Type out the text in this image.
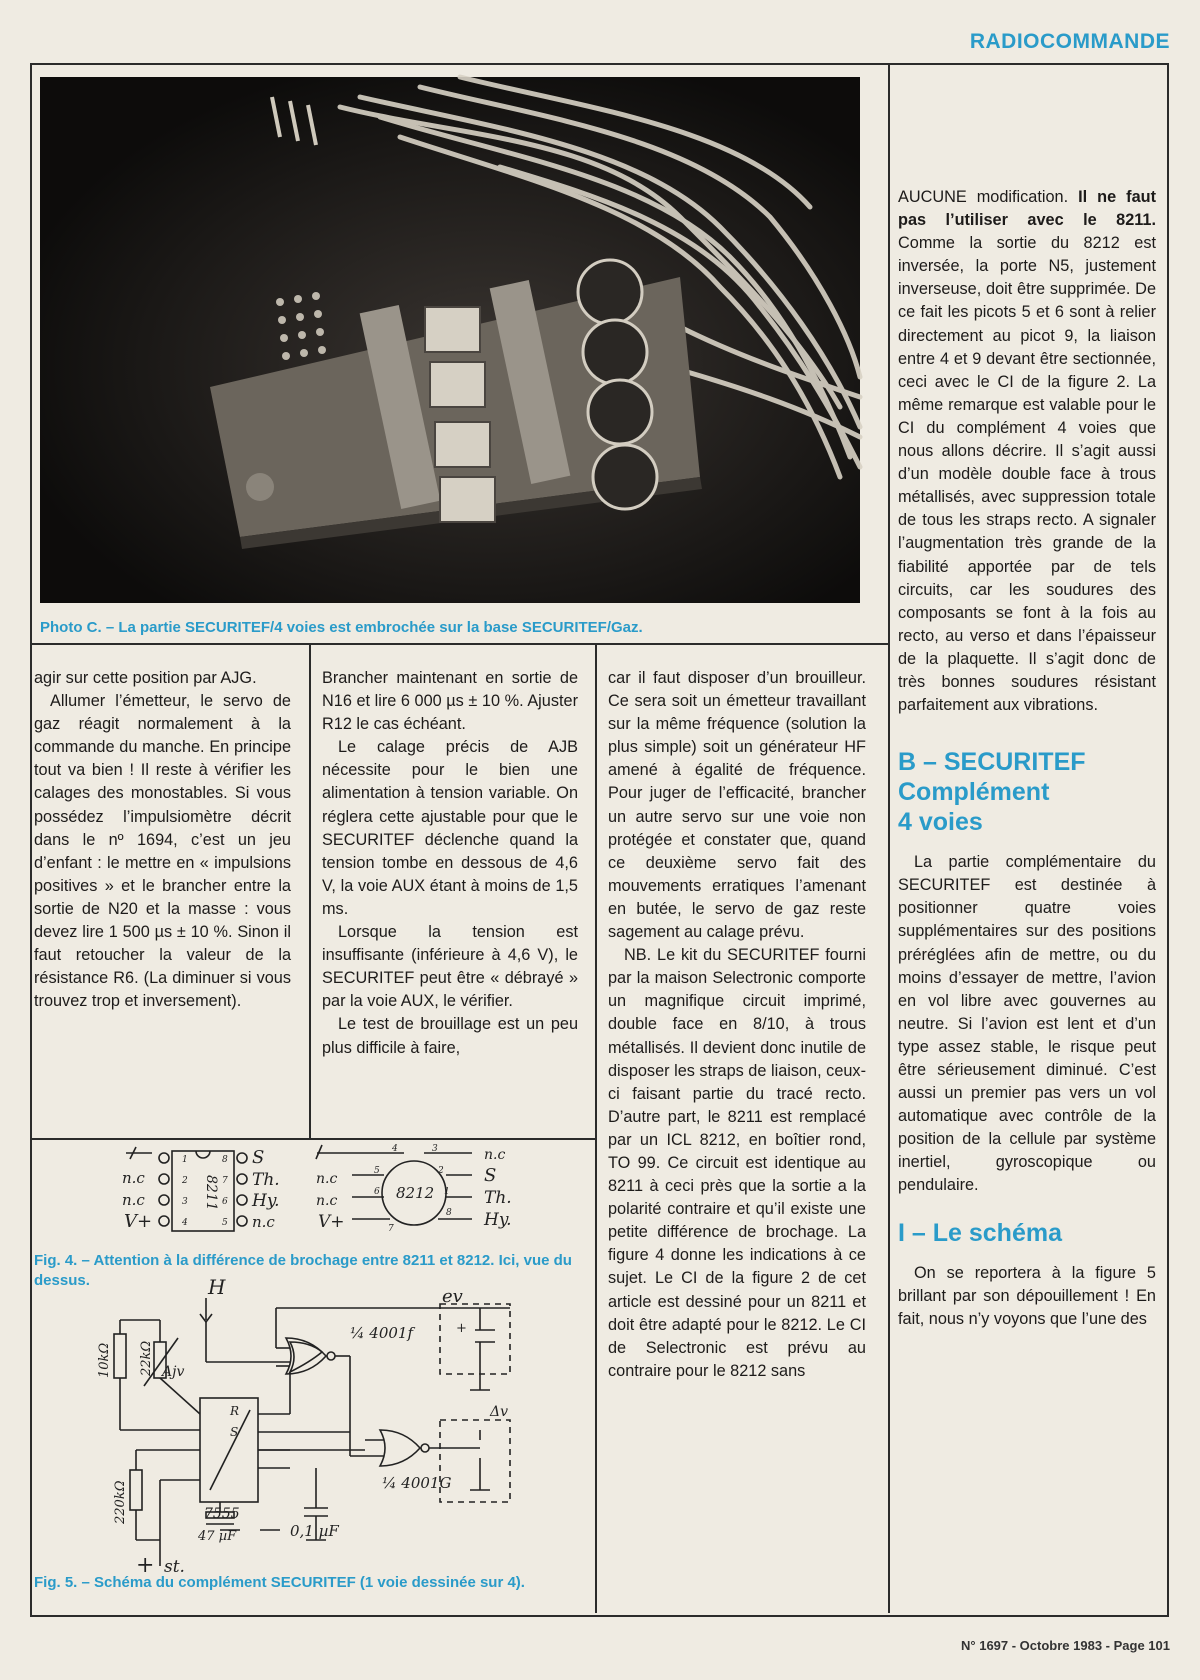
RADIOCOMMANDE
Photo C. – La partie SECURITEF/4 voies est embrochée sur la base SECURITEF/Gaz.

agir sur cette position par AJG.

Allumer l’émetteur, le servo de gaz réagit normalement à la commande du manche. En principe tout va bien ! Il reste à vérifier les calages des monostables. Si vous possédez l’impulsiomètre décrit dans le nº 1694, c’est un jeu d’enfant : le mettre en « impulsions positives » et le brancher entre la sortie de N20 et la masse : vous devez lire 1 500 µs ± 10 %. Sinon il faut retoucher la valeur de la résistance R6. (La diminuer si vous trouvez trop et inversement).

Brancher maintenant en sortie de N16 et lire 6 000 µs ± 10 %. Ajuster R12 le cas échéant.

Le calage précis de AJB nécessite pour le bien une alimentation à tension variable. On réglera cette ajustable pour que le SECURITEF déclenche quand la tension tombe en dessous de 4,6 V, la voie AUX étant à moins de 1,5 ms.

Lorsque la tension est insuffisante (inférieure à 4,6 V), le SECURITEF peut être « débrayé » par la voie AUX, le vérifier.

Le test de brouillage est un peu plus difficile à faire,

car il faut disposer d’un brouilleur. Ce sera soit un émetteur travaillant sur la même fréquence (solution la plus simple) soit un générateur HF amené à égalité de fréquence. Pour juger de l’efficacité, brancher un autre servo sur une voie non protégée et constater que, quand ce deuxième servo fait des mouvements erratiques l’amenant en butée, le servo de gaz reste sagement au calage prévu.

NB. Le kit du SECURITEF fourni par la maison Selectronic comporte un magnifique circuit imprimé, double face en 8/10, à trous métallisés. Il devient donc inutile de disposer les straps de liaison, ceux-ci faisant partie du tracé recto. D’autre part, le 8211 est remplacé par un ICL 8212, en boîtier rond, TO 99. Ce circuit est identique au 8211 à ceci près que la sortie a la polarité contraire et qu’il existe une petite différence de brochage. La figure 4 donne les indications à ce sujet. Le CI de la figure 2 de cet article est dessiné pour un 8211 et doit être adapté pour le 8212. Le CI de Selectronic est prévu au contraire pour le 8212 sans

AUCUNE modification. Il ne faut pas l’utiliser avec le 8211. Comme la sortie du 8212 est inversée, la porte N5, justement inverseuse, doit être supprimée. De ce fait les picots 5 et 6 sont à relier directement au picot 9, la liaison entre 4 et 9 devant être sectionnée, ceci avec le CI de la figure 2. La même remarque est valable pour le CI du complément 4 voies que nous allons décrire. Il s’agit aussi d’un modèle double face à trous métallisés, avec suppression totale de tous les straps recto. A signaler l’augmentation très grande de la fiabilité apportée par de tels circuits, car les soudures des composants se font à la fois au recto, au verso et dans l’épaisseur de la plaquette. Il s’agit donc de très bonnes soudures résistant parfaitement aux vibrations.

B – SECURITEF
Complément
4 voies

La partie complémentaire du SECURITEF est destinée à positionner quatre voies supplémentaires sur des positions préréglées afin de mettre, ou du moins d’essayer de mettre, l’avion en vol libre avec gouvernes au neutre. Si l’avion est lent et d’un type assez stable, le risque peut être sérieusement diminué. C’est aussi un premier pas vers un vol automatique avec contrôle de la position de la cellule par système inertiel, gyroscopique ou pendulaire.

I – Le schéma

On se reportera à la figure 5 brillant par son dépouillement ! En fait, nous n’y voyons que l’une des

n.c
n.c
V+
S
Th.
Hy.
n.c
8211	8212
n.c
n.c
V+
n.c
S
Th.
Hy.
1
2
3
4	5
6
7
8
1
2
3
4
5
6
7
8
Fig. 4. – Attention à la différence de brochage entre 8211 et 8212. Ici, vue du dessus.	H	ev
Δv
¼ 4001f
¼ 4001G
10kΩ 22kΩ Ajv
220kΩ	7555
R
S
0,1 µF
47 µF
+ st.
+
Fig. 5. – Schéma du complément SECURITEF (1 voie dessinée sur 4).
N° 1697 - Octobre 1983 - Page 101
